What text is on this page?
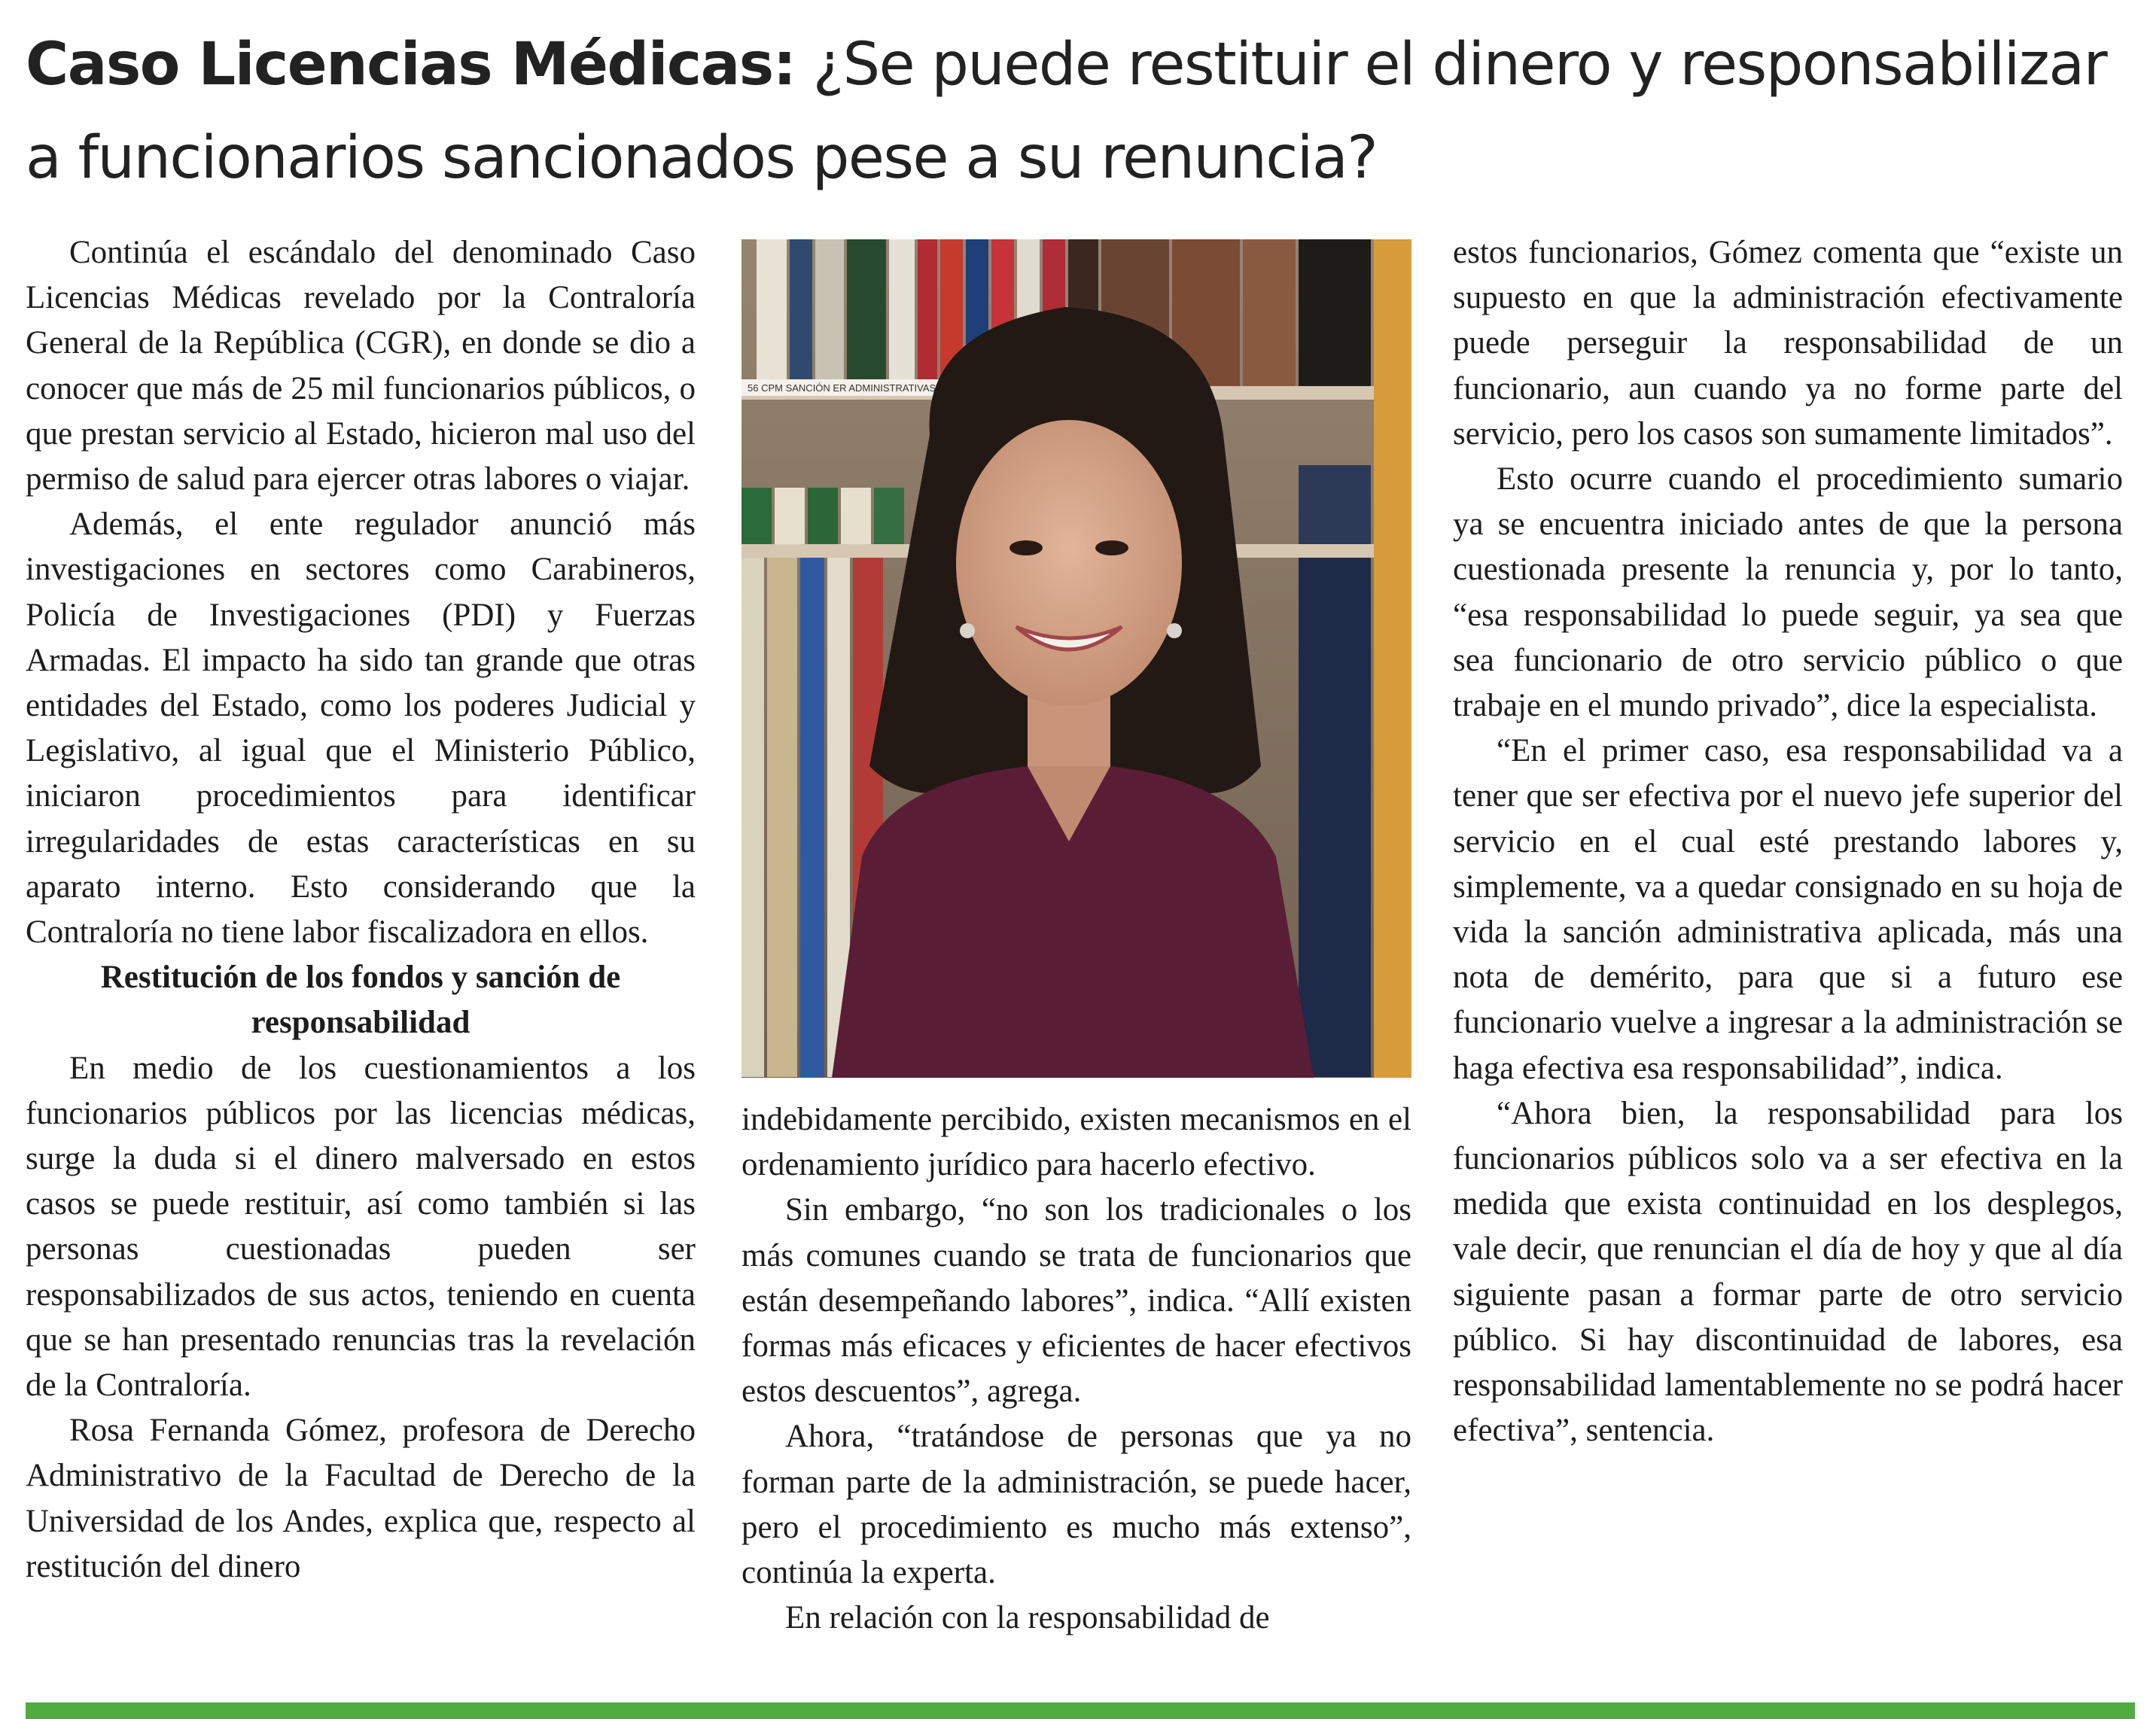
Caso Licencias Médicas: ¿Se puede restituir el dinero y responsabilizar a funcionarios sancionados pese a su renuncia?

Continúa el escándalo del denominado Caso Licencias Médicas revelado por la Contraloría General de la República (CGR), en donde se dio a conocer que más de 25 mil funcionarios públicos, o que prestan servicio al Estado, hicieron mal uso del permiso de salud para ejercer otras labores o viajar.

Además, el ente regulador anunció más investigaciones en sectores como Carabineros, Policía de Investigaciones (PDI) y Fuerzas Armadas. El impacto ha sido tan grande que otras entidades del Estado, como los poderes Judicial y Legislativo, al igual que el Ministerio Público, iniciaron procedimientos para identificar irregularidades de estas características en su aparato interno. Esto considerando que la Contraloría no tiene labor fiscalizadora en ellos.

Restitución de los fondos y sanción de responsabilidad

En medio de los cuestionamientos a los funcionarios públicos por las licencias médicas, surge la duda si el dinero malversado en estos casos se puede restituir, así como también si las personas cuestionadas pueden ser responsabilizados de sus actos, teniendo en cuenta que se han presentado renuncias tras la revelación de la Contraloría.

Rosa Fernanda Gómez, profesora de Derecho Administrativo de la Facultad de Derecho de la Universidad de los Andes, explica que, respecto al restitución del dinero

56 CPM SANCIÓN ER ADMINISTRATIVAS

indebidamente percibido, existen mecanismos en el ordenamiento jurídico para hacerlo efectivo.

Sin embargo, “no son los tradicionales o los más comunes cuando se trata de funcionarios que están desempeñando labores”, indica. “Allí existen formas más eficaces y eficientes de hacer efectivos estos descuentos”, agrega.

Ahora, “tratándose de personas que ya no forman parte de la administración, se puede hacer, pero el procedimiento es mucho más extenso”, continúa la experta.

En relación con la responsabilidad de

estos funcionarios, Gómez comenta que “existe un supuesto en que la administración efectivamente puede perseguir la responsabilidad de un funcionario, aun cuando ya no forme parte del servicio, pero los casos son sumamente limitados”.

Esto ocurre cuando el procedimiento sumario ya se encuentra iniciado antes de que la persona cuestionada presente la renuncia y, por lo tanto, “esa responsabilidad lo puede seguir, ya sea que sea funcionario de otro servicio público o que trabaje en el mundo privado”, dice la especialista.

“En el primer caso, esa responsabilidad va a tener que ser efectiva por el nuevo jefe superior del servicio en el cual esté prestando labores y, simplemente, va a quedar consignado en su hoja de vida la sanción administrativa aplicada, más una nota de demérito, para que si a futuro ese funcionario vuelve a ingresar a la administración se haga efectiva esa responsabilidad”, indica.

“Ahora bien, la responsabilidad para los funcionarios públicos solo va a ser efectiva en la medida que exista continuidad en los desplegos, vale decir, que renuncian el día de hoy y que al día siguiente pasan a formar parte de otro servicio público. Si hay discontinuidad de labores, esa responsabilidad lamentablemente no se podrá hacer efectiva”, sentencia.
